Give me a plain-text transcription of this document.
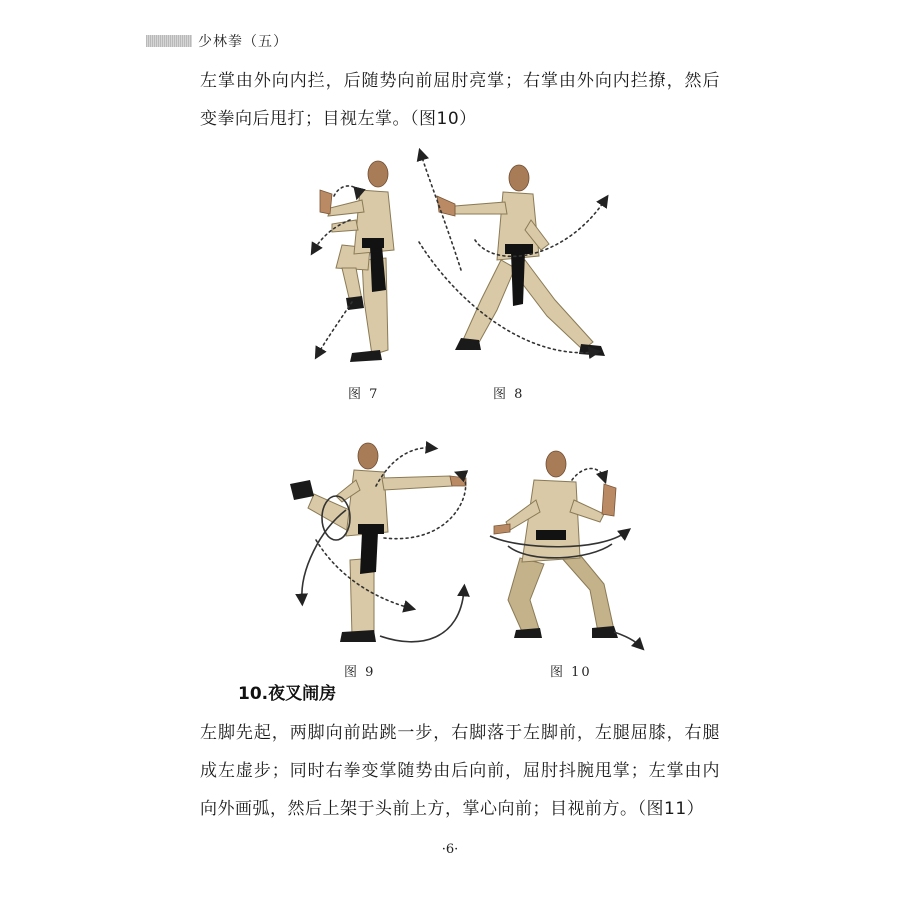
少林拳（五）

左掌由外向内拦，后随势向前屈肘亮掌；右掌由外向内拦撩，然后变拳向后甩打；目视左掌。（图10）

图 7	图 8
图 9	图 10
10.夜叉闹房

左脚先起，两脚向前跍跳一步，右脚落于左脚前，左腿屈膝，右腿成左虚步；同时右拳变掌随势由后向前，屈肘抖腕甩掌；左掌由内向外画弧，然后上架于头前上方，掌心向前；目视前方。（图11）

·6·
